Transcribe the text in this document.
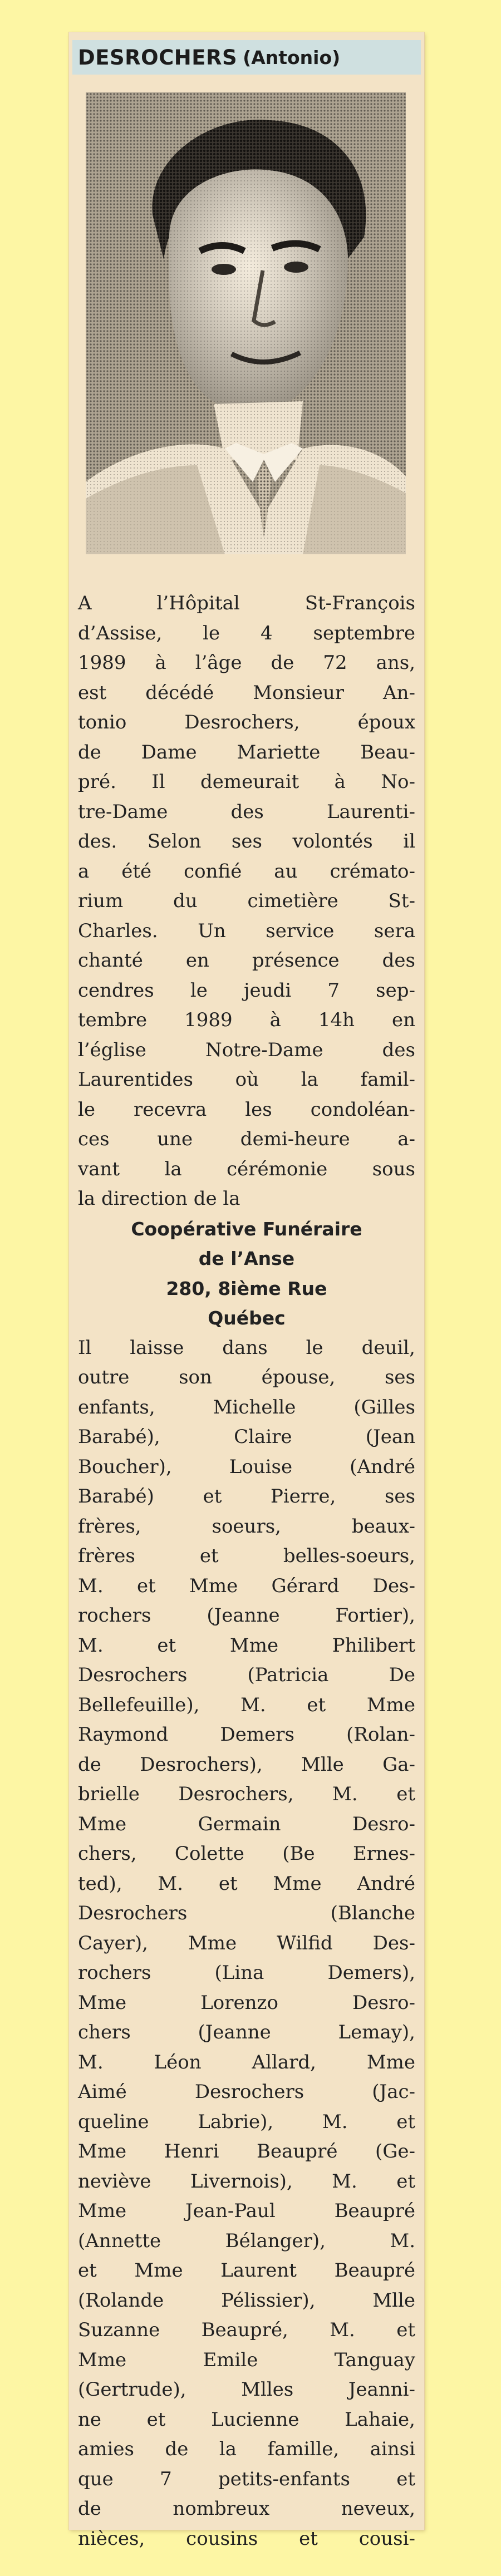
DESROCHERS (Antonio)
A l’Hôpital St-François
d’Assise, le 4 septembre
1989 à l’âge de 72 ans,
est décédé Monsieur An-
tonio Desrochers, époux
de Dame Mariette Beau-
pré. Il demeurait à No-
tre-Dame des Laurenti-
des. Selon ses volontés il
a été confié au crémato-
rium du cimetière St-
Charles. Un service sera
chanté en présence des
cendres le jeudi 7 sep-
tembre 1989 à 14h en
l’église Notre-Dame des
Laurentides où la famil-
le recevra les condoléan-
ces une demi-heure a-
vant la cérémonie sous
la direction de la
Coopérative Funéraire
de l’Anse
280, 8ième Rue
Québec
Il laisse dans le deuil,
outre son épouse, ses
enfants, Michelle (Gilles
Barabé), Claire (Jean
Boucher), Louise (André
Barabé) et Pierre, ses
frères, soeurs, beaux-
frères et belles-soeurs,
M. et Mme Gérard Des-
rochers (Jeanne Fortier),
M. et Mme Philibert
Desrochers (Patricia De
Bellefeuille), M. et Mme
Raymond Demers (Rolan-
de Desrochers), Mlle Ga-
brielle Desrochers, M. et
Mme Germain Desro-
chers, Colette (Be Ernes-
ted), M. et Mme André
Desrochers (Blanche
Cayer), Mme Wilfid Des-
rochers (Lina Demers),
Mme Lorenzo Desro-
chers (Jeanne Lemay),
M. Léon Allard, Mme
Aimé Desrochers (Jac-
queline Labrie), M. et
Mme Henri Beaupré (Ge-
neviève Livernois), M. et
Mme Jean-Paul Beaupré
(Annette Bélanger), M.
et Mme Laurent Beaupré
(Rolande Pélissier), Mlle
Suzanne Beaupré, M. et
Mme Emile Tanguay
(Gertrude), Mlles Jeanni-
ne et Lucienne Lahaie,
amies de la famille, ainsi
que 7 petits-enfants et
de nombreux neveux,
nièces, cousins et cousi-
